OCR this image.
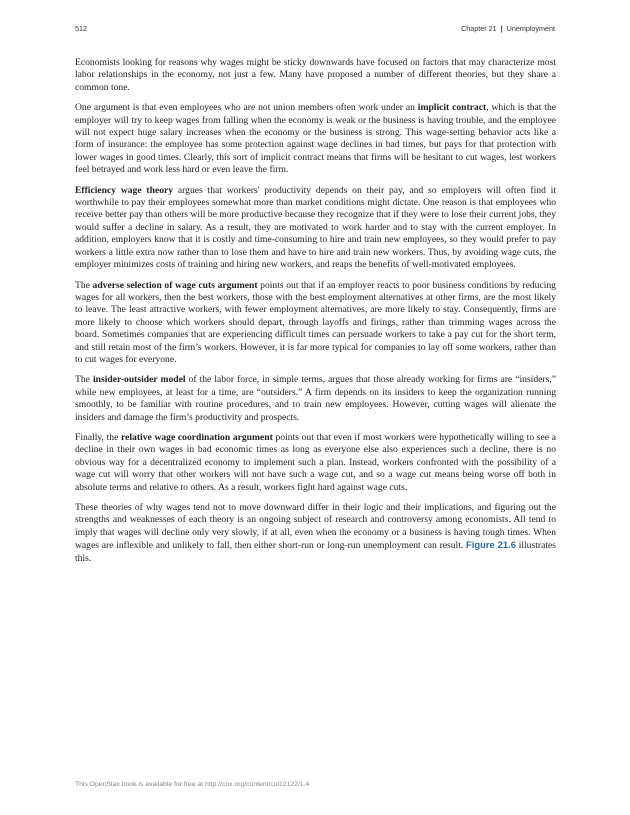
512	Chapter 21 | Unemployment

Economists looking for reasons why wages might be sticky downwards have focused on factors that may characterize most labor relationships in the economy, not just a few. Many have proposed a number of different theories, but they share a common tone.

One argument is that even employees who are not union members often work under an implicit contract, which is that the employer will try to keep wages from falling when the economy is weak or the business is having trouble, and the employee will not expect huge salary increases when the economy or the business is strong. This wage-setting behavior acts like a form of insurance: the employee has some protection against wage declines in bad times, but pays for that protection with lower wages in good times. Clearly, this sort of implicit contract means that firms will be hesitant to cut wages, lest workers feel betrayed and work less hard or even leave the firm.

Efficiency wage theory argues that workers' productivity depends on their pay, and so employers will often find it worthwhile to pay their employees somewhat more than market conditions might dictate. One reason is that employees who receive better pay than others will be more productive because they recognize that if they were to lose their current jobs, they would suffer a decline in salary. As a result, they are motivated to work harder and to stay with the current employer. In addition, employers know that it is costly and time-consuming to hire and train new employees, so they would prefer to pay workers a little extra now rather than to lose them and have to hire and train new workers. Thus, by avoiding wage cuts, the employer minimizes costs of training and hiring new workers, and reaps the benefits of well-motivated employees.

The adverse selection of wage cuts argument points out that if an employer reacts to poor business conditions by reducing wages for all workers, then the best workers, those with the best employment alternatives at other firms, are the most likely to leave. The least attractive workers, with fewer employment alternatives, are more likely to stay. Consequently, firms are more likely to choose which workers should depart, through layoffs and firings, rather than trimming wages across the board. Sometimes companies that are experiencing difficult times can persuade workers to take a pay cut for the short term, and still retain most of the firm’s workers. However, it is far more typical for companies to lay off some workers, rather than to cut wages for everyone.

The insider-outsider model of the labor force, in simple terms, argues that those already working for firms are “insiders,” while new employees, at least for a time, are “outsiders.” A firm depends on its insiders to keep the organization running smoothly, to be familiar with routine procedures, and to train new employees. However, cutting wages will alienate the insiders and damage the firm’s productivity and prospects.

Finally, the relative wage coordination argument points out that even if most workers were hypothetically willing to see a decline in their own wages in bad economic times as long as everyone else also experiences such a decline, there is no obvious way for a decentralized economy to implement such a plan. Instead, workers confronted with the possibility of a wage cut will worry that other workers will not have such a wage cut, and so a wage cut means being worse off both in absolute terms and relative to others. As a result, workers fight hard against wage cuts.

These theories of why wages tend not to move downward differ in their logic and their implications, and figuring out the strengths and weaknesses of each theory is an ongoing subject of research and controversy among economists. All tend to imply that wages will decline only very slowly, if at all, even when the economy or a business is having tough times. When wages are inflexible and unlikely to fall, then either short-run or long-run unemployment can result. Figure 21.6 illustrates this.

This OpenStax book is available for free at http://cnx.org/content/col12122/1.4
